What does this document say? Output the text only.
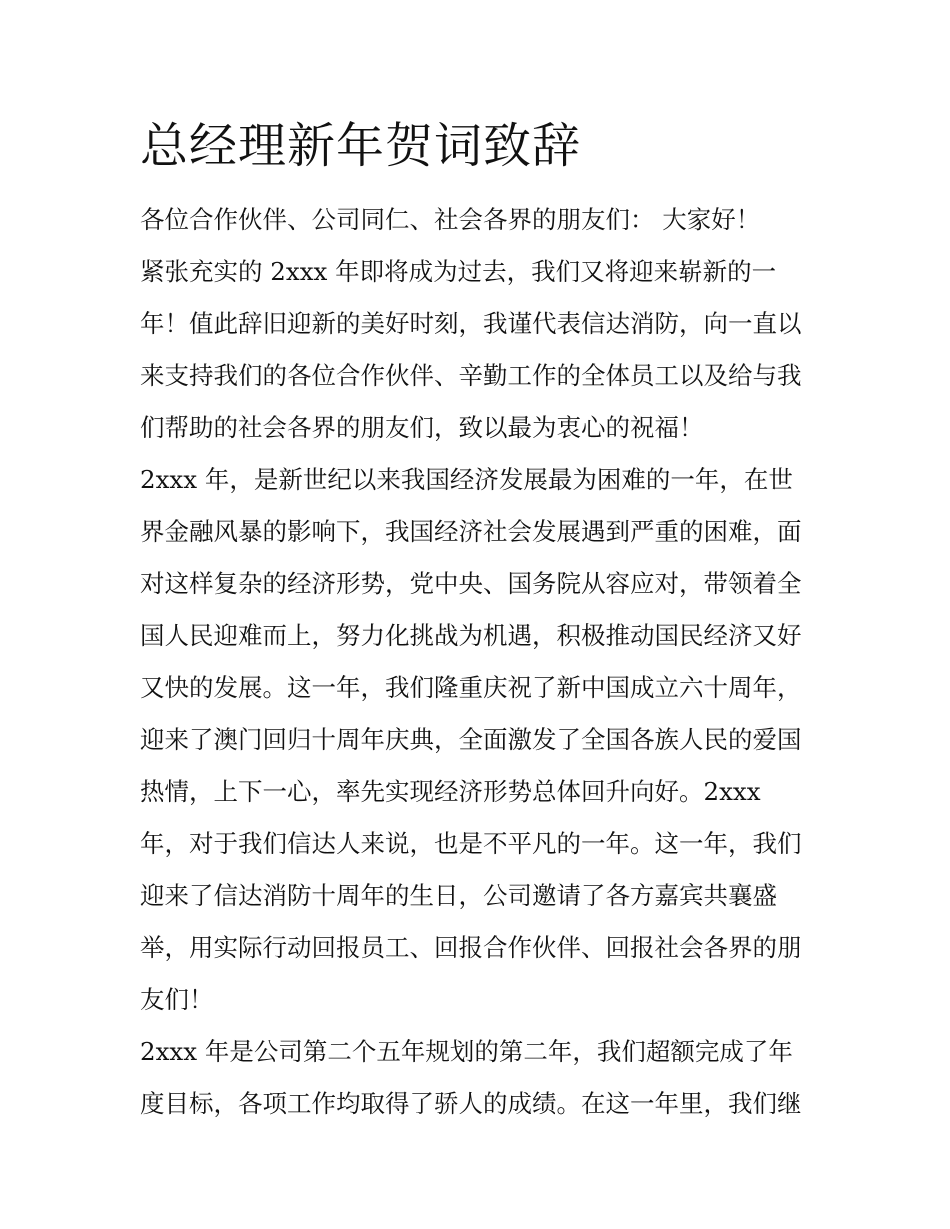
总经理新年贺词致辞

各位合作伙伴、公司同仁、社会各界的朋友们： 大家好！

紧张充实的 2xxx 年即将成为过去，我们又将迎来崭新的一

年！值此辞旧迎新的美好时刻，我谨代表信达消防，向一直以

来支持我们的各位合作伙伴、辛勤工作的全体员工以及给与我

们帮助的社会各界的朋友们，致以最为衷心的祝福！

2xxx 年，是新世纪以来我国经济发展最为困难的一年，在世

界金融风暴的影响下，我国经济社会发展遇到严重的困难，面

对这样复杂的经济形势，党中央、国务院从容应对，带领着全

国人民迎难而上，努力化挑战为机遇，积极推动国民经济又好

又快的发展。这一年，我们隆重庆祝了新中国成立六十周年，

迎来了澳门回归十周年庆典，全面激发了全国各族人民的爱国

热情，上下一心，率先实现经济形势总体回升向好。2xxx

年，对于我们信达人来说，也是不平凡的一年。这一年，我们

迎来了信达消防十周年的生日，公司邀请了各方嘉宾共襄盛

举，用实际行动回报员工、回报合作伙伴、回报社会各界的朋

友们！

2xxx 年是公司第二个五年规划的第二年，我们超额完成了年

度目标，各项工作均取得了骄人的成绩。在这一年里，我们继
